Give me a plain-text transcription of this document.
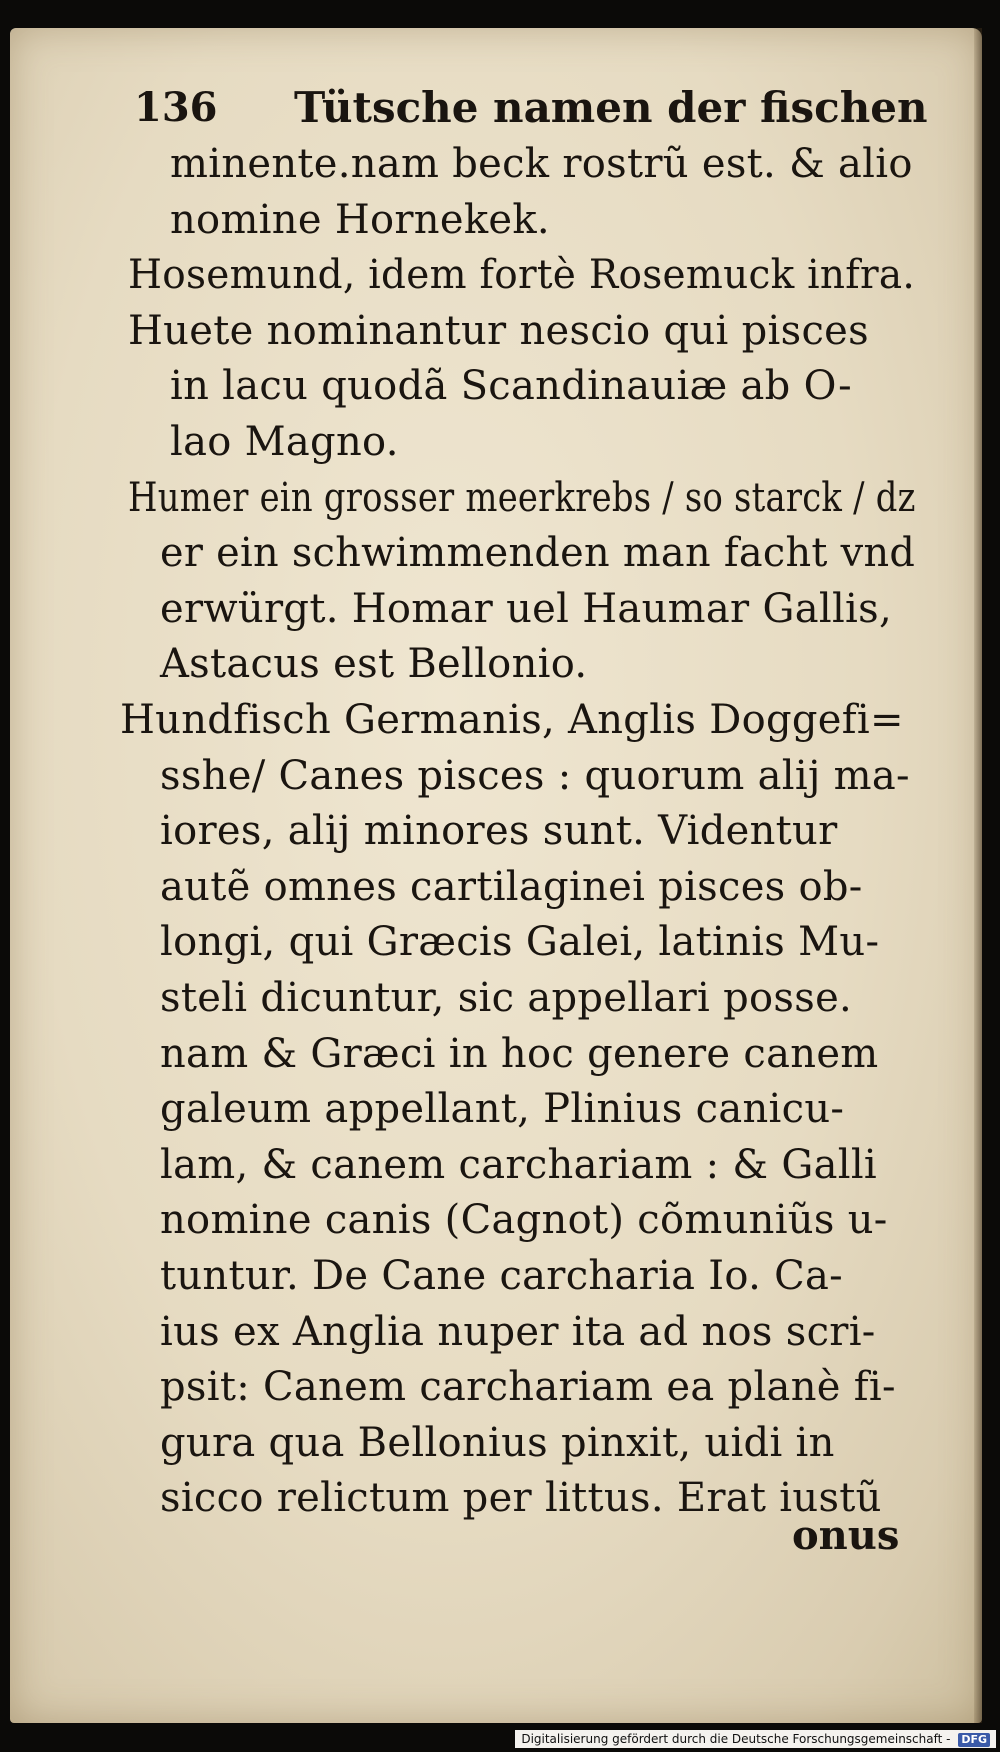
136 Tütsche namen der fischen
minente.nam beck rostrũ est. & alio
nomine Hornekek.
Hosemund, idem fortè Rosemuck infra.
Huete nominantur nescio qui pisces
in lacu quodã Scandinauiæ ab O-
lao Magno.
Humer ein grosser meerkrebs / so starck / dz
er ein schwimmenden man facht vnd
erwürgt. Homar uel Haumar Gallis,
Astacus est Bellonio.
Hundfisch Germanis, Anglis Doggefi=
sshe/ Canes pisces : quorum alij ma-
iores, alij minores sunt. Videntur
autẽ omnes cartilaginei pisces ob-
longi, qui Græcis Galei, latinis Mu-
steli dicuntur, sic appellari posse.
nam & Græci in hoc genere canem
galeum appellant, Plinius canicu-
lam, & canem carchariam : & Galli
nomine canis (Cagnot) cõmuniũs u-
tuntur. De Cane carcharia Io. Ca-
ius ex Anglia nuper ita ad nos scri-
psit: Canem carchariam ea planè fi-
gura qua Bellonius pinxit, uidi in
sicco relictum per littus. Erat iustũ
onus
Digitalisierung gefördert durch die Deutsche Forschungsgemeinschaft - DFG
